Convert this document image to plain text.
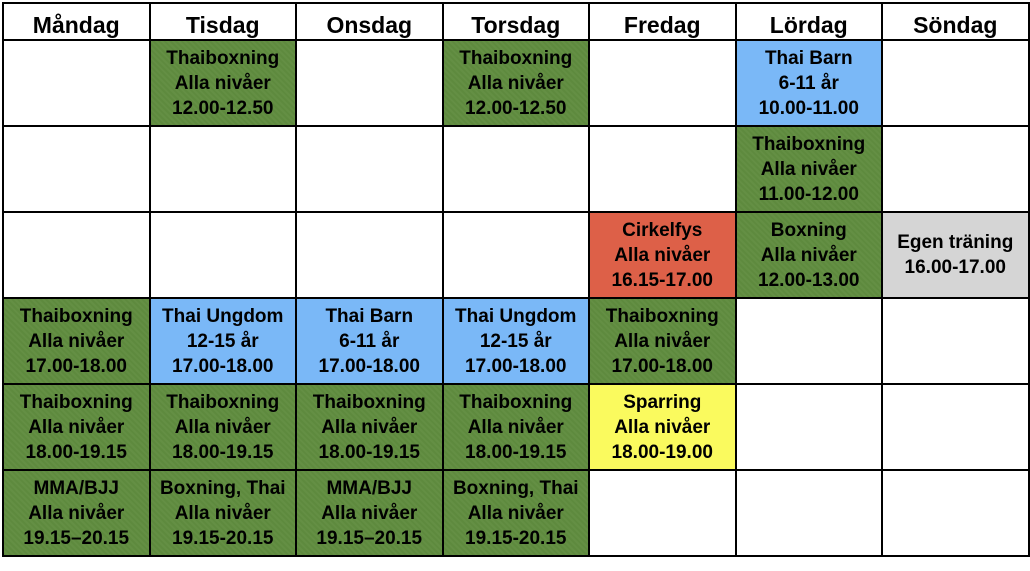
Måndag	Tisdag	Onsdag	Torsdag	Fredag	Lördag	Söndag

	Thaiboxning
Alla nivåer
12.00-12.50		Thaiboxning
Alla nivåer
12.00-12.50		Thai Barn
6-11 år
10.00-11.00	

					Thaiboxning
Alla nivåer
11.00-12.00	

				Cirkelfys
Alla nivåer
16.15-17.00	Boxning
Alla nivåer
12.00-13.00	Egen träning
16.00-17.00

Thaiboxning
Alla nivåer
17.00-18.00	Thai Ungdom
12-15 år
17.00-18.00	Thai Barn
6-11 år
17.00-18.00	Thai Ungdom
12-15 år
17.00-18.00	Thaiboxning
Alla nivåer
17.00-18.00		

Thaiboxning
Alla nivåer
18.00-19.15	Thaiboxning
Alla nivåer
18.00-19.15	Thaiboxning
Alla nivåer
18.00-19.15	Thaiboxning
Alla nivåer
18.00-19.15	Sparring
Alla nivåer
18.00-19.00		

MMA/BJJ
Alla nivåer
19.15–20.15	Boxning, Thai
Alla nivåer
19.15-20.15	MMA/BJJ
Alla nivåer
19.15–20.15	Boxning, Thai
Alla nivåer
19.15-20.15			
